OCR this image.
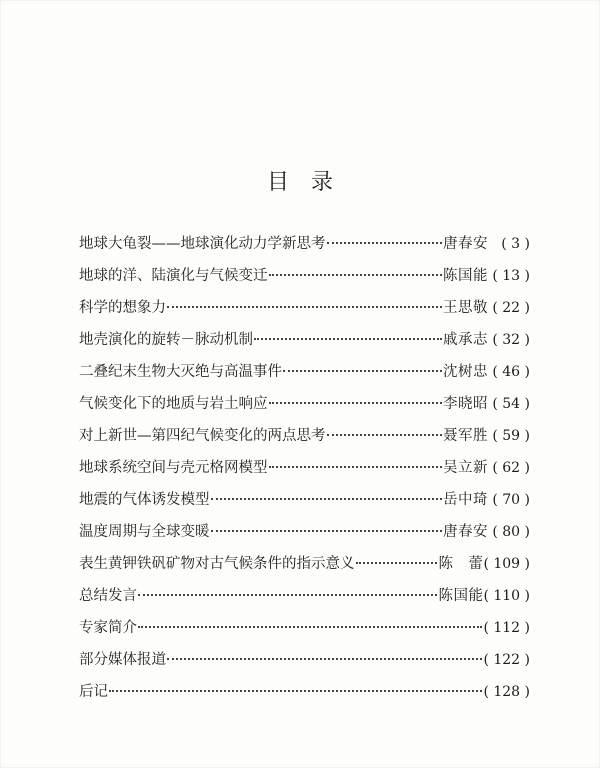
目录
地球大龟裂——地球演化动力学新思考	唐春安 ( 3 )
地球的洋、陆演化与气候变迁	陈国能 ( 13 )
科学的想象力	王思敬 ( 22 )
地壳演化的旋转－脉动机制	戚承志 ( 32 )
二叠纪末生物大灭绝与高温事件	沈树忠 ( 46 )
气候变化下的地质与岩土响应	李晓昭 ( 54 )
对上新世—第四纪气候变化的两点思考	聂军胜 ( 59 )
地球系统空间与壳元格网模型	吴立新 ( 62 )
地震的气体诱发模型	岳中琦 ( 70 )
温度周期与全球变暖	唐春安 ( 80 )
表生黄钾铁矾矿物对古气候条件的指示意义	陈　蕾 ( 109 )
总结发言	陈国能 ( 110 )
专家简介	( 112 )
部分媒体报道	( 122 )
后记	( 128 )
